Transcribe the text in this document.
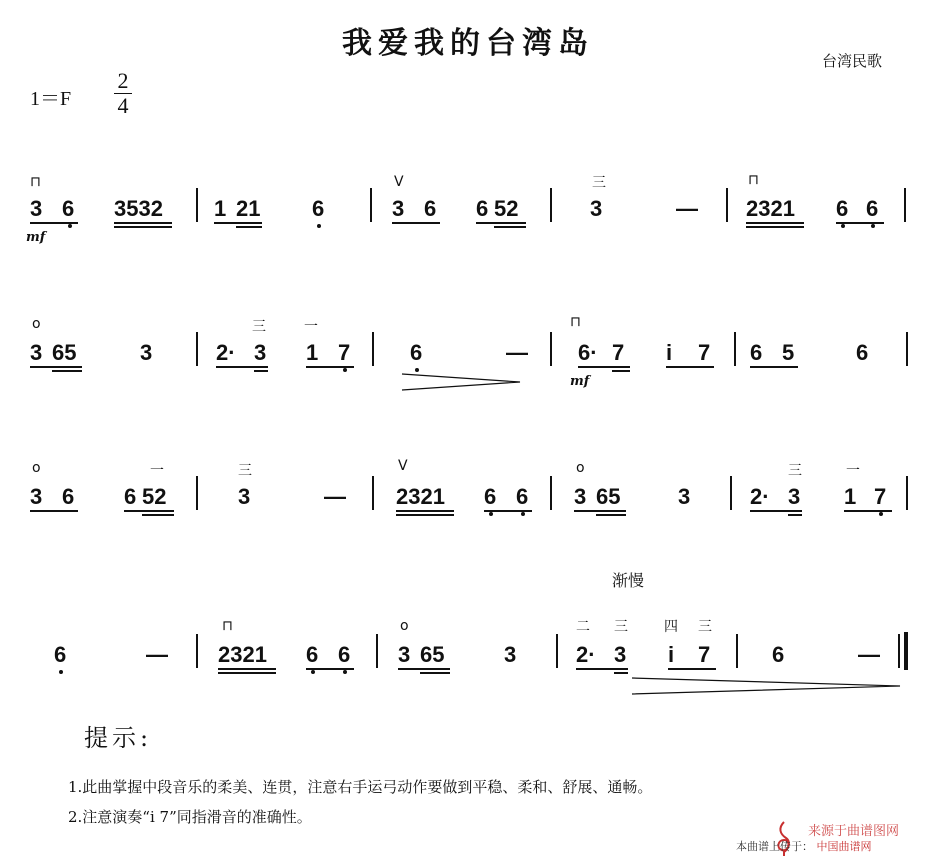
我爱我的台湾岛	台湾民歌
1＝F
2
4
⊓
3 6 3532 1 21 6
V
3 6 6 52
三
3	—
⊓
2321 6 6
mf
o
3 65	3
三
2· 3
一
1 7	6	—
⊓
6· 7 i 7 6 5	6
mf
o
3 6
一
6 52
三
3	—
V
2321 6 6
o
3 65	3
三
2· 3
一
1 7
渐慢
6	—
⊓
2321 6 6
o
3 65	3
二 三
2· 3
四 三
i 7	6	—
提示:
1.此曲掌握中段音乐的柔美、连贯，注意右手运弓动作要做到平稳、柔和、舒展、通畅。
2.注意演奏“i 7”同指滑音的准确性。
来源于曲谱图网
本曲谱上传于： 中国曲谱网
